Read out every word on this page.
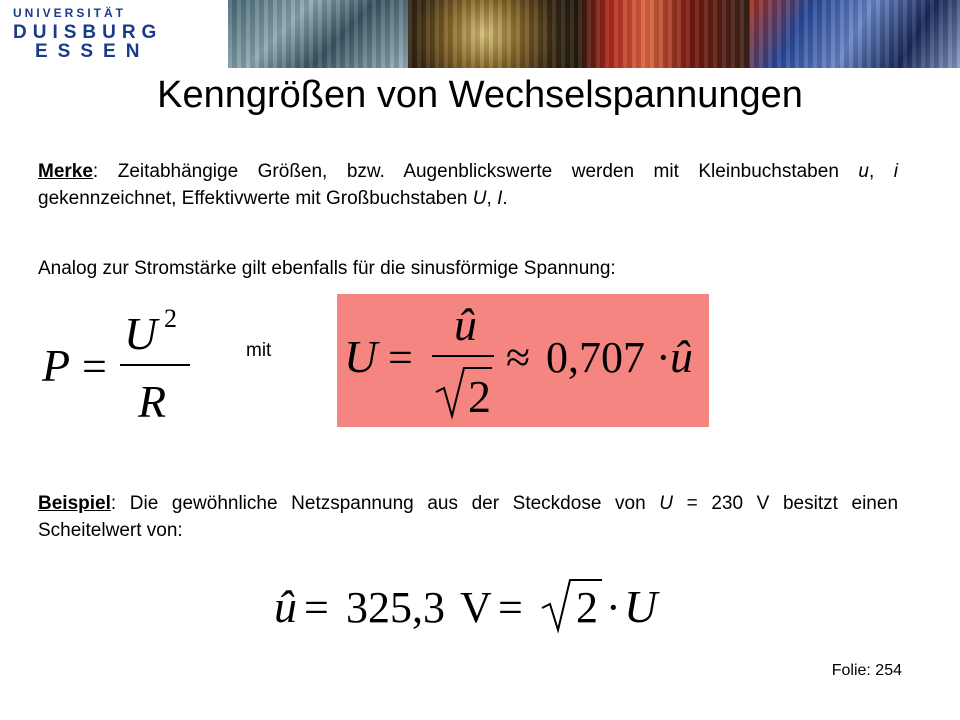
UNIVERSITÄT
DUISBURG
ESSEN
Kenngrößen von Wechselspannungen
Merke: Zeitabhängige Größen, bzw. Augenblickswerte werden mit Kleinbuchstaben u, i gekennzeichnet, Effektivwerte mit Großbuchstaben U, I.
Analog zur Stromstärke gilt ebenfalls für die sinusförmige Spannung:
P =
U 2
R
mit U =
û
2
≈ 0,707 · û
Beispiel: Die gewöhnliche Netzspannung aus der Steckdose von U = 230 V besitzt einen Scheitelwert von:
û = 325,3 V = 2 · U
Folie: 254
